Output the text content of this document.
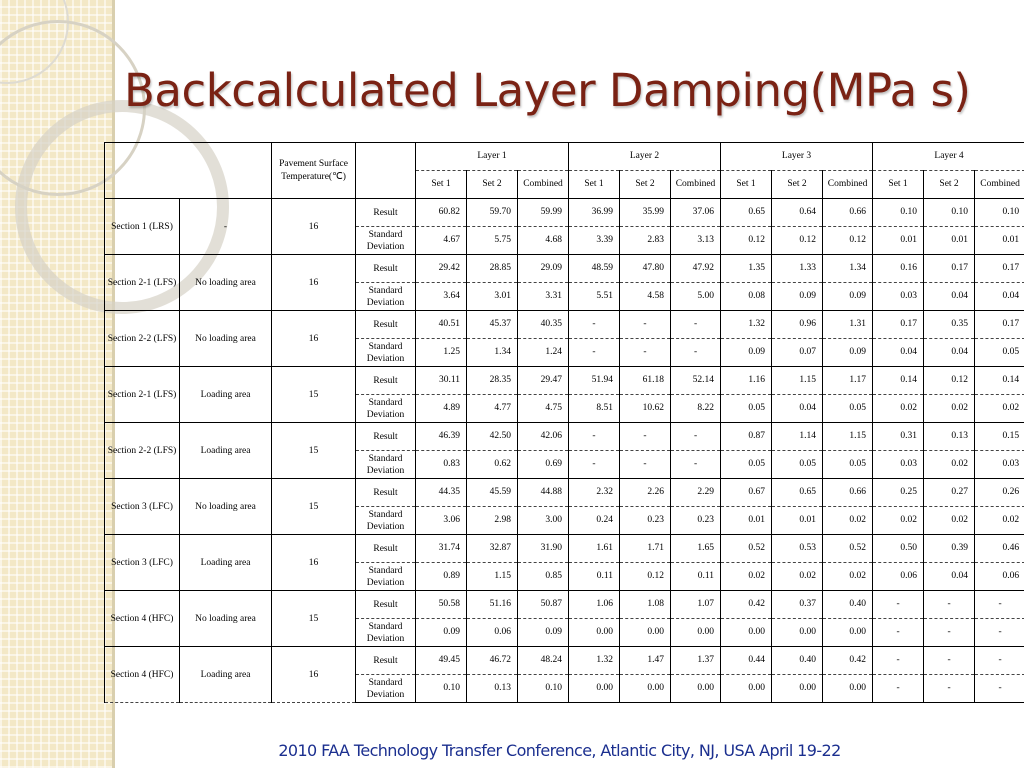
Backcalculated Layer Damping(MPa s)
		Pavement Surface Temperature(℃)		Layer 1			Layer 2			Layer 3			Layer 4		
				Set 1	Set 2	Combined	Set 1	Set 2	Combined	Set 1	Set 2	Combined	Set 1	Set 2	Combined
Section 1 (LRS)	-	16	Result	60.82	59.70	59.99	36.99	35.99	37.06	0.65	0.64	0.66	0.10	0.10	0.10
			Standard Deviation	4.67	5.75	4.68	3.39	2.83	3.13	0.12	0.12	0.12	0.01	0.01	0.01
Section 2-1 (LFS)	No loading area	16	Result	29.42	28.85	29.09	48.59	47.80	47.92	1.35	1.33	1.34	0.16	0.17	0.17
			Standard Deviation	3.64	3.01	3.31	5.51	4.58	5.00	0.08	0.09	0.09	0.03	0.04	0.04
Section 2-2 (LFS)	No loading area	16	Result	40.51	45.37	40.35	-	-	-	1.32	0.96	1.31	0.17	0.35	0.17
			Standard Deviation	1.25	1.34	1.24	-	-	-	0.09	0.07	0.09	0.04	0.04	0.05
Section 2-1 (LFS)	Loading area	15	Result	30.11	28.35	29.47	51.94	61.18	52.14	1.16	1.15	1.17	0.14	0.12	0.14
			Standard Deviation	4.89	4.77	4.75	8.51	10.62	8.22	0.05	0.04	0.05	0.02	0.02	0.02
Section 2-2 (LFS)	Loading area	15	Result	46.39	42.50	42.06	-	-	-	0.87	1.14	1.15	0.31	0.13	0.15
			Standard Deviation	0.83	0.62	0.69	-	-	-	0.05	0.05	0.05	0.03	0.02	0.03
Section 3 (LFC)	No loading area	15	Result	44.35	45.59	44.88	2.32	2.26	2.29	0.67	0.65	0.66	0.25	0.27	0.26
			Standard Deviation	3.06	2.98	3.00	0.24	0.23	0.23	0.01	0.01	0.02	0.02	0.02	0.02
Section 3 (LFC)	Loading area	16	Result	31.74	32.87	31.90	1.61	1.71	1.65	0.52	0.53	0.52	0.50	0.39	0.46
			Standard Deviation	0.89	1.15	0.85	0.11	0.12	0.11	0.02	0.02	0.02	0.06	0.04	0.06
Section 4 (HFC)	No loading area	15	Result	50.58	51.16	50.87	1.06	1.08	1.07	0.42	0.37	0.40	-	-	-
			Standard Deviation	0.09	0.06	0.09	0.00	0.00	0.00	0.00	0.00	0.00	-	-	-
Section 4 (HFC)	Loading area	16	Result	49.45	46.72	48.24	1.32	1.47	1.37	0.44	0.40	0.42	-	-	-
			Standard Deviation	0.10	0.13	0.10	0.00	0.00	0.00	0.00	0.00	0.00	-	-	-
2010 FAA Technology Transfer Conference, Atlantic City, NJ, USA April 19-22
